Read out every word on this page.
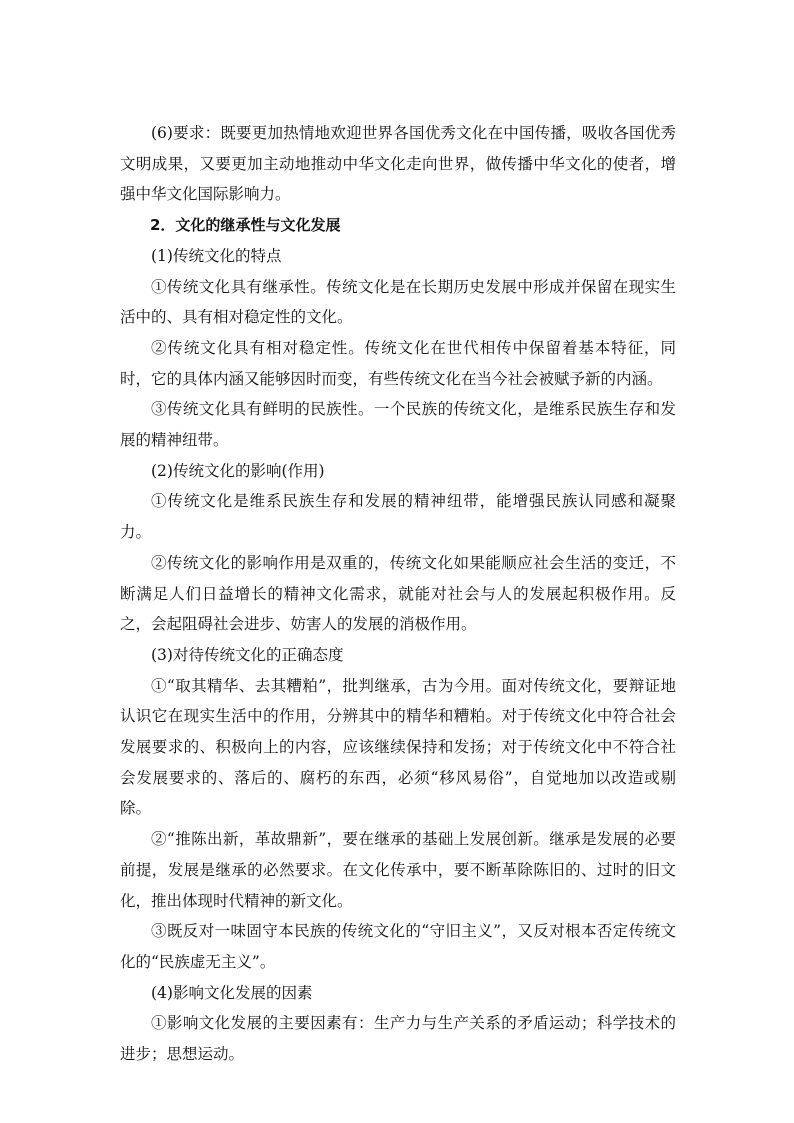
(6)要求：既要更加热情地欢迎世界各国优秀文化在中国传播，吸收各国优秀文明成果，又要更加主动地推动中华文化走向世界，做传播中华文化的使者，增强中华文化国际影响力。

2．文化的继承性与文化发展

(1)传统文化的特点

①传统文化具有继承性。传统文化是在长期历史发展中形成并保留在现实生活中的、具有相对稳定性的文化。

②传统文化具有相对稳定性。传统文化在世代相传中保留着基本特征，同时，它的具体内涵又能够因时而变，有些传统文化在当今社会被赋予新的内涵。

③传统文化具有鲜明的民族性。一个民族的传统文化，是维系民族生存和发展的精神纽带。

(2)传统文化的影响(作用)

①传统文化是维系民族生存和发展的精神纽带，能增强民族认同感和凝聚力。

②传统文化的影响作用是双重的，传统文化如果能顺应社会生活的变迁，不断满足人们日益增长的精神文化需求，就能对社会与人的发展起积极作用。反之，会起阻碍社会进步、妨害人的发展的消极作用。

(3)对待传统文化的正确态度

①“取其精华、去其糟粕”，批判继承，古为今用。面对传统文化，要辩证地认识它在现实生活中的作用，分辨其中的精华和糟粕。对于传统文化中符合社会发展要求的、积极向上的内容，应该继续保持和发扬；对于传统文化中不符合社会发展要求的、落后的、腐朽的东西，必须“移风易俗”，自觉地加以改造或剔除。

②“推陈出新，革故鼎新”，要在继承的基础上发展创新。继承是发展的必要前提，发展是继承的必然要求。在文化传承中，要不断革除陈旧的、过时的旧文化，推出体现时代精神的新文化。

③既反对一味固守本民族的传统文化的“守旧主义”，又反对根本否定传统文化的“民族虚无主义”。

(4)影响文化发展的因素

①影响文化发展的主要因素有：生产力与生产关系的矛盾运动；科学技术的进步；思想运动。
